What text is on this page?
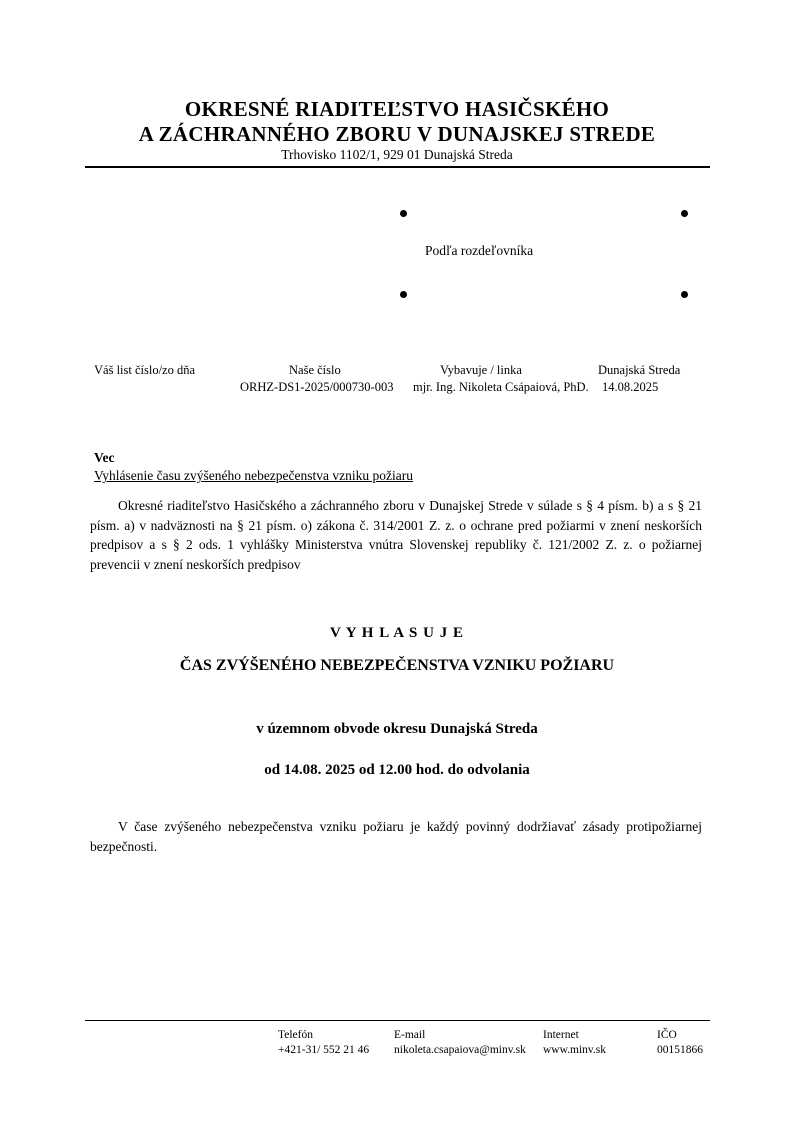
OKRESNÉ RIADITEĽSTVO HASIČSKÉHO
A ZÁCHRANNÉHO ZBORU V DUNAJSKEJ STREDE
Trhovisko 1102/1, 929 01 Dunajská Streda
Podľa rozdeľovníka
Váš list číslo/zo dňa	Naše číslo
ORHZ-DS1-2025/000730-003
Vybavuje / linka
mjr. Ing. Nikoleta Csápaiová, PhD.
Dunajská Streda
14.08.2025
Vec
Vyhlásenie času zvýšeného nebezpečenstva vzniku požiaru
Okresné riaditeľstvo Hasičského a záchranného zboru v Dunajskej Strede v súlade s § 4 písm. b) a s § 21 písm. a) v nadväznosti na § 21 písm. o) zákona č. 314/2001 Z. z. o ochrane pred požiarmi v znení neskorších predpisov a s § 2 ods. 1 vyhlášky Ministerstva vnútra Slovenskej republiky č. 121/2002 Z. z. o požiarnej prevencii v znení neskorších predpisov
V Y H L A S U J E
ČAS ZVÝŠENÉHO NEBEZPEČENSTVA VZNIKU POŽIARU
v územnom obvode okresu Dunajská Streda
od 14.08. 2025 od 12.00 hod. do odvolania
V čase zvýšeného nebezpečenstva vzniku požiaru je každý povinný dodržiavať zásady protipožiarnej bezpečnosti.
Telefón
+421-31/ 552 21 46
E-mail
nikoleta.csapaiova@minv.sk
Internet
www.minv.sk
IČO
00151866
